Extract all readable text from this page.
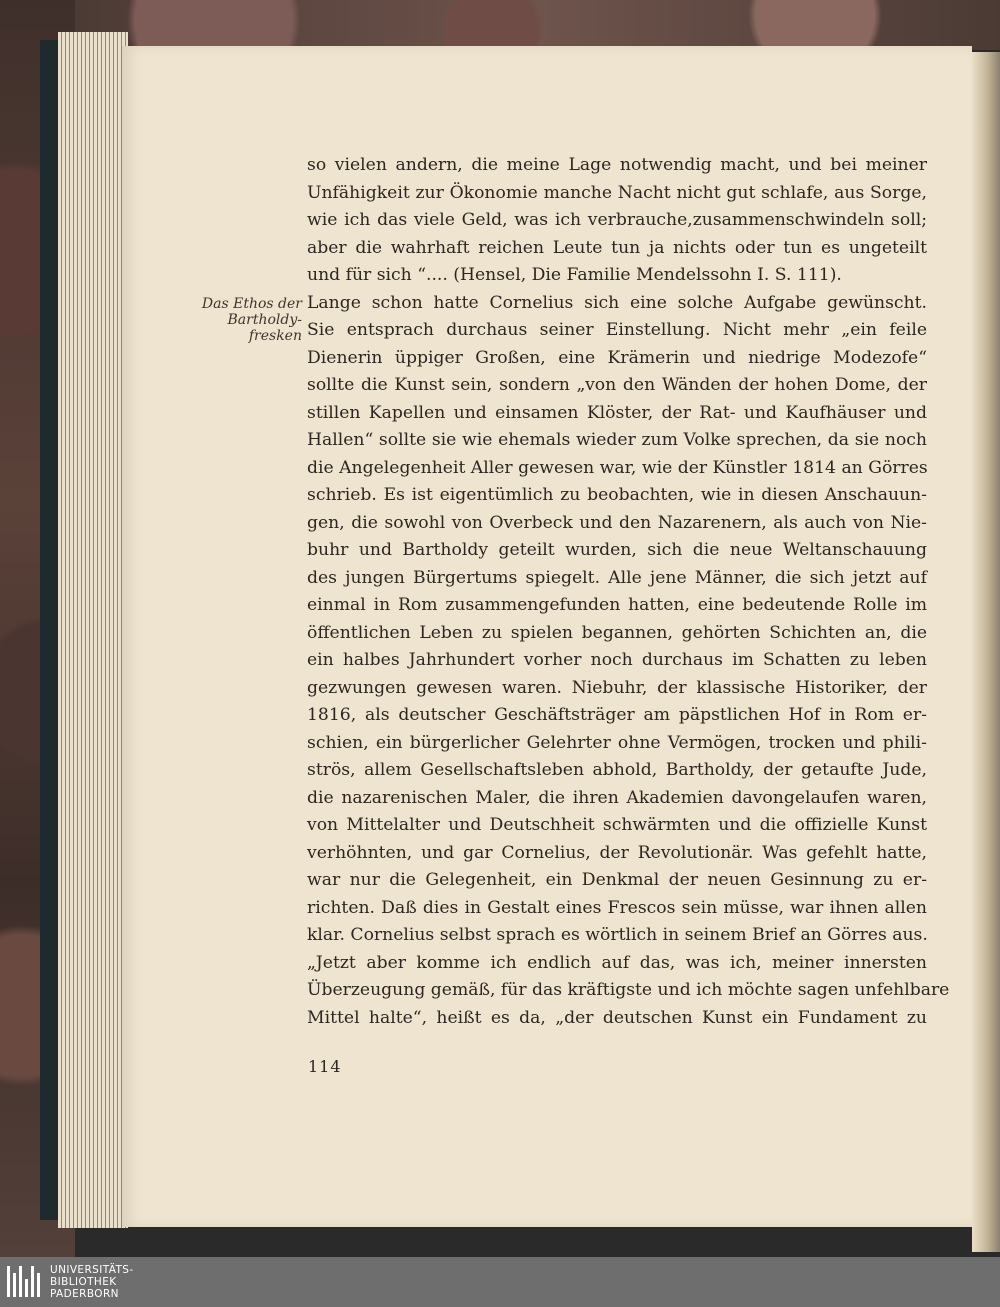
Das Ethos der
Bartholdy-
fresken
so vielen andern, die meine Lage notwendig macht, und bei meiner
Unfähigkeit zur Ökonomie manche Nacht nicht gut schlafe, aus Sorge,
wie ich das viele Geld, was ich verbrauche,zusammenschwindeln soll;
aber die wahrhaft reichen Leute tun ja nichts oder tun es ungeteilt
und für sich “.... (Hensel, Die Familie Mendelssohn I. S. 111).
Lange schon hatte Cornelius sich eine solche Aufgabe gewünscht.
Sie entsprach durchaus seiner Einstellung. Nicht mehr „ein feile
Dienerin üppiger Großen, eine Krämerin und niedrige Modezofe“
sollte die Kunst sein, sondern „von den Wänden der hohen Dome, der
stillen Kapellen und einsamen Klöster, der Rat- und Kaufhäuser und
Hallen“ sollte sie wie ehemals wieder zum Volke sprechen, da sie noch
die Angelegenheit Aller gewesen war, wie der Künstler 1814 an Görres
schrieb. Es ist eigentümlich zu beobachten, wie in diesen Anschauun-
gen, die sowohl von Overbeck und den Nazarenern, als auch von Nie-
buhr und Bartholdy geteilt wurden, sich die neue Weltanschauung
des jungen Bürgertums spiegelt. Alle jene Männer, die sich jetzt auf
einmal in Rom zusammengefunden hatten, eine bedeutende Rolle im
öffentlichen Leben zu spielen begannen, gehörten Schichten an, die
ein halbes Jahrhundert vorher noch durchaus im Schatten zu leben
gezwungen gewesen waren. Niebuhr, der klassische Historiker, der
1816, als deutscher Geschäftsträger am päpstlichen Hof in Rom er-
schien, ein bürgerlicher Gelehrter ohne Vermögen, trocken und phili-
strös, allem Gesellschaftsleben abhold, Bartholdy, der getaufte Jude,
die nazarenischen Maler, die ihren Akademien davongelaufen waren,
von Mittelalter und Deutschheit schwärmten und die offizielle Kunst
verhöhnten, und gar Cornelius, der Revolutionär. Was gefehlt hatte,
war nur die Gelegenheit, ein Denkmal der neuen Gesinnung zu er-
richten. Daß dies in Gestalt eines Frescos sein müsse, war ihnen allen
klar. Cornelius selbst sprach es wörtlich in seinem Brief an Görres aus.
„Jetzt aber komme ich endlich auf das, was ich, meiner innersten
Überzeugung gemäß, für das kräftigste und ich möchte sagen unfehlbare
Mittel halte“, heißt es da, „der deutschen Kunst ein Fundament zu
114
UNIVERSITÄTS-
BIBLIOTHEK
PADERBORN
